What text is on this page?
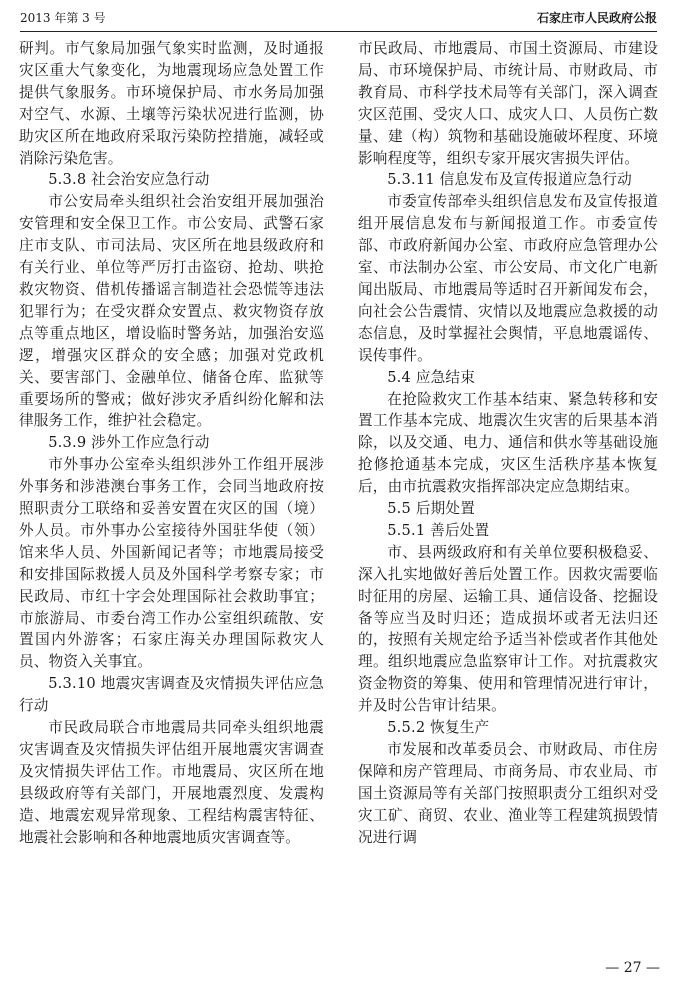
2013 年第 3 号	石家庄市人民政府公报

研判。市气象局加强气象实时监测，及时通报灾区重大气象变化，为地震现场应急处置工作提供气象服务。市环境保护局、市水务局加强对空气、水源、土壤等污染状况进行监测，协助灾区所在地政府采取污染防控措施，减轻或消除污染危害。

5.3.8 社会治安应急行动

市公安局牵头组织社会治安组开展加强治安管理和安全保卫工作。市公安局、武警石家庄市支队、市司法局、灾区所在地县级政府和有关行业、单位等严厉打击盗窃、抢劫、哄抢救灾物资、借机传播谣言制造社会恐慌等违法犯罪行为；在受灾群众安置点、救灾物资存放点等重点地区，增设临时警务站，加强治安巡逻，增强灾区群众的安全感；加强对党政机关、要害部门、金融单位、储备仓库、监狱等重要场所的警戒；做好涉灾矛盾纠纷化解和法律服务工作，维护社会稳定。

5.3.9 涉外工作应急行动

市外事办公室牵头组织涉外工作组开展涉外事务和涉港澳台事务工作，会同当地政府按照职责分工联络和妥善安置在灾区的国（境）外人员。市外事办公室接待外国驻华使（领）馆来华人员、外国新闻记者等；市地震局接受和安排国际救援人员及外国科学考察专家；市民政局、市红十字会处理国际社会救助事宜；市旅游局、市委台湾工作办公室组织疏散、安置国内外游客；石家庄海关办理国际救灾人员、物资入关事宜。

5.3.10 地震灾害调查及灾情损失评估应急行动

市民政局联合市地震局共同牵头组织地震灾害调查及灾情损失评估组开展地震灾害调查及灾情损失评估工作。市地震局、灾区所在地县级政府等有关部门，开展地震烈度、发震构造、地震宏观异常现象、工程结构震害特征、地震社会影响和各种地震地质灾害调查等。

市民政局、市地震局、市国土资源局、市建设局、市环境保护局、市统计局、市财政局、市教育局、市科学技术局等有关部门，深入调查灾区范围、受灾人口、成灾人口、人员伤亡数量、建（构）筑物和基础设施破坏程度、环境影响程度等，组织专家开展灾害损失评估。

5.3.11 信息发布及宣传报道应急行动

市委宣传部牵头组织信息发布及宣传报道组开展信息发布与新闻报道工作。市委宣传部、市政府新闻办公室、市政府应急管理办公室、市法制办公室、市公安局、市文化广电新闻出版局、市地震局等适时召开新闻发布会，向社会公告震情、灾情以及地震应急救援的动态信息，及时掌握社会舆情，平息地震谣传、误传事件。

5.4 应急结束

在抢险救灾工作基本结束、紧急转移和安置工作基本完成、地震次生灾害的后果基本消除，以及交通、电力、通信和供水等基础设施抢修抢通基本完成，灾区生活秩序基本恢复后，由市抗震救灾指挥部决定应急期结束。

5.5 后期处置

5.5.1 善后处置

市、县两级政府和有关单位要积极稳妥、深入扎实地做好善后处置工作。因救灾需要临时征用的房屋、运输工具、通信设备、挖掘设备等应当及时归还；造成损坏或者无法归还的，按照有关规定给予适当补偿或者作其他处理。组织地震应急监察审计工作。对抗震救灾资金物资的筹集、使用和管理情况进行审计，并及时公告审计结果。

5.5.2 恢复生产

市发展和改革委员会、市财政局、市住房保障和房产管理局、市商务局、市农业局、市国土资源局等有关部门按照职责分工组织对受灾工矿、商贸、农业、渔业等工程建筑损毁情况进行调

— 27 —
